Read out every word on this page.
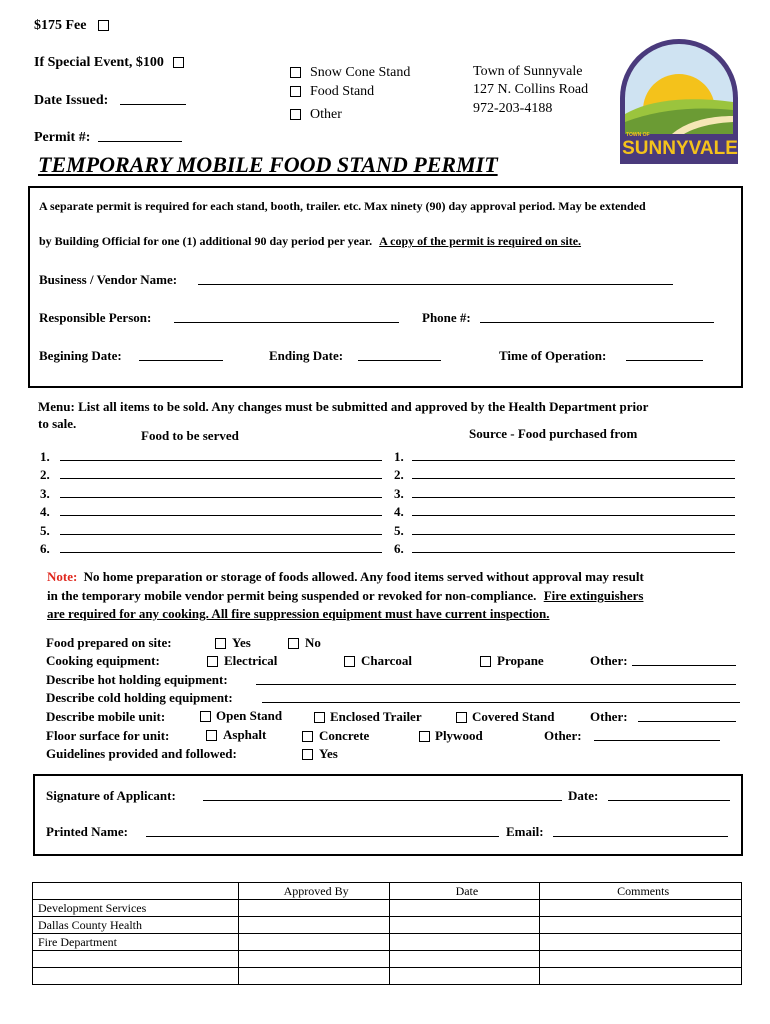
$175 Fee
If Special Event, $100
Date Issued:
Permit #:
Snow Cone Stand
Food Stand
Other
Town of Sunnyvale
127 N. Collins Road
972-203-4188
TOWN OF
SUNNYVALE
TEMPORARY MOBILE FOOD STAND PERMIT
A separate permit is required for each stand, booth, trailer. etc. Max ninety (90) day approval period. May be extended
by Building Official for one (1) additional 90 day period per year. A copy of the permit is required on site.
Business / Vendor Name:
Responsible Person:	Phone #:
Begining Date:	Ending Date:	Time of Operation:
Menu: List all items to be sold. Any changes must be submitted and approved by the Health Department prior
to sale.
Food to be served	Source - Food purchased from
1.
2.
3.
4.
5.
6.
1.
2.
3.
4.
5.
6.
Note: No home preparation or storage of foods allowed. Any food items served without approval may result
in the temporary mobile vendor permit being suspended or revoked for non-compliance. Fire extinguishers
are required for any cooking. All fire suppression equipment must have current inspection.
Food prepared on site:	Yes	No
Cooking equipment:	Electrical	Charcoal	Propane	Other:
Describe hot holding equipment:
Describe cold holding equipment:
Describe mobile unit:	Open Stand	Enclosed Trailer	Covered Stand	Other:
Floor surface for unit:	Asphalt	Concrete	Plywood	Other:
Guidelines provided and followed:	Yes
Signature of Applicant:	Date:
Printed Name:	Email:
	Approved By	Date	Comments
Development Services			
Dallas County Health			
Fire Department			
